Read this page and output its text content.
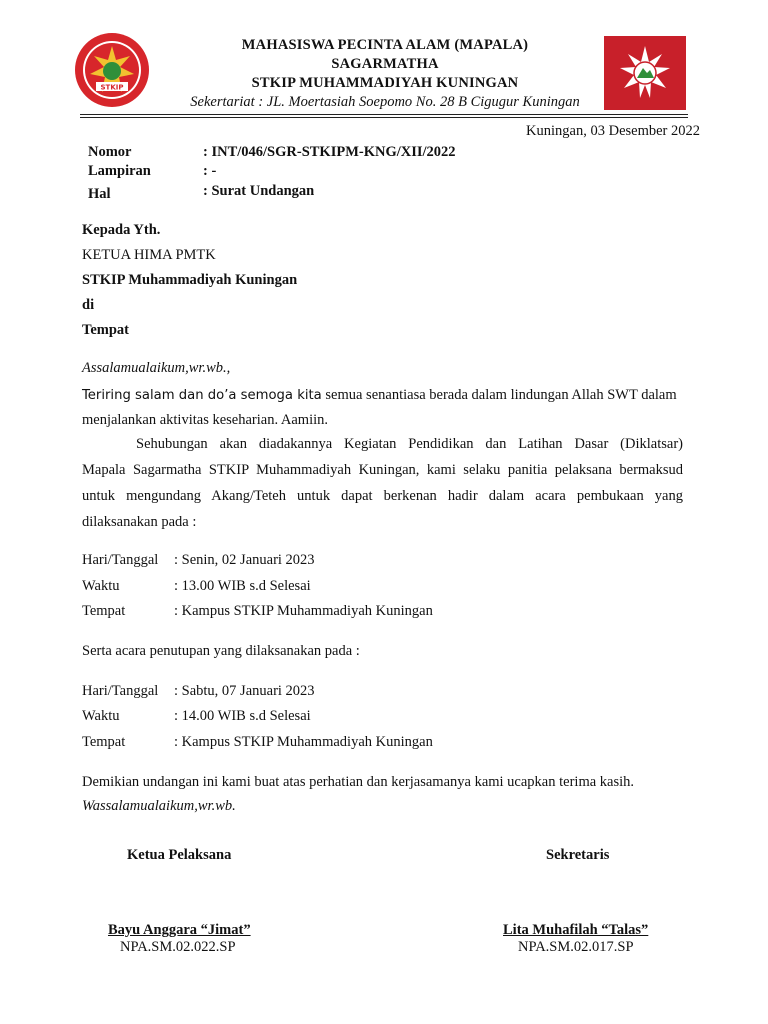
STKIP
MAHASISWA PECINTA ALAM (MAPALA)
SAGARMATHA
STKIP MUHAMMADIYAH KUNINGAN
Sekertariat : JL. Moertasiah Soepomo No. 28 B Cigugur Kuningan
Kuningan, 03 Desember 2022
Nomor	: INT/046/SGR-STKIPM-KNG/XII/2022
Lampiran	: -
Hal	: Surat Undangan
Kepada Yth.
KETUA HIMA PMTK
STKIP Muhammadiyah Kuningan
di
Tempat
Assalamualaikum,wr.wb.,
Teriring salam dan do’a semoga kita semua senantiasa berada dalam lindungan Allah SWT dalam
menjalankan aktivitas keseharian. Aamiin.
Sehubungan akan diadakannya Kegiatan Pendidikan dan Latihan Dasar (Diklatsar)
Mapala Sagarmatha STKIP Muhammadiyah Kuningan, kami selaku panitia pelaksana bermaksud
untuk mengundang Akang/Teteh untuk dapat berkenan hadir dalam acara pembukaan yang
dilaksanakan pada :
Hari/Tanggal : Senin, 02 Januari 2023
Waktu	: 13.00 WIB s.d Selesai
Tempat	: Kampus STKIP Muhammadiyah Kuningan
Serta acara penutupan yang dilaksanakan pada :
Hari/Tanggal : Sabtu, 07 Januari 2023
Waktu	: 14.00 WIB s.d Selesai
Tempat	: Kampus STKIP Muhammadiyah Kuningan
Demikian undangan ini kami buat atas perhatian dan kerjasamanya kami ucapkan terima kasih.
Wassalamualaikum,wr.wb.
Ketua Pelaksana	Sekretaris
Bayu Anggara “Jimat”
NPA.SM.02.022.SP
Lita Muhafilah “Talas”
NPA.SM.02.017.SP
